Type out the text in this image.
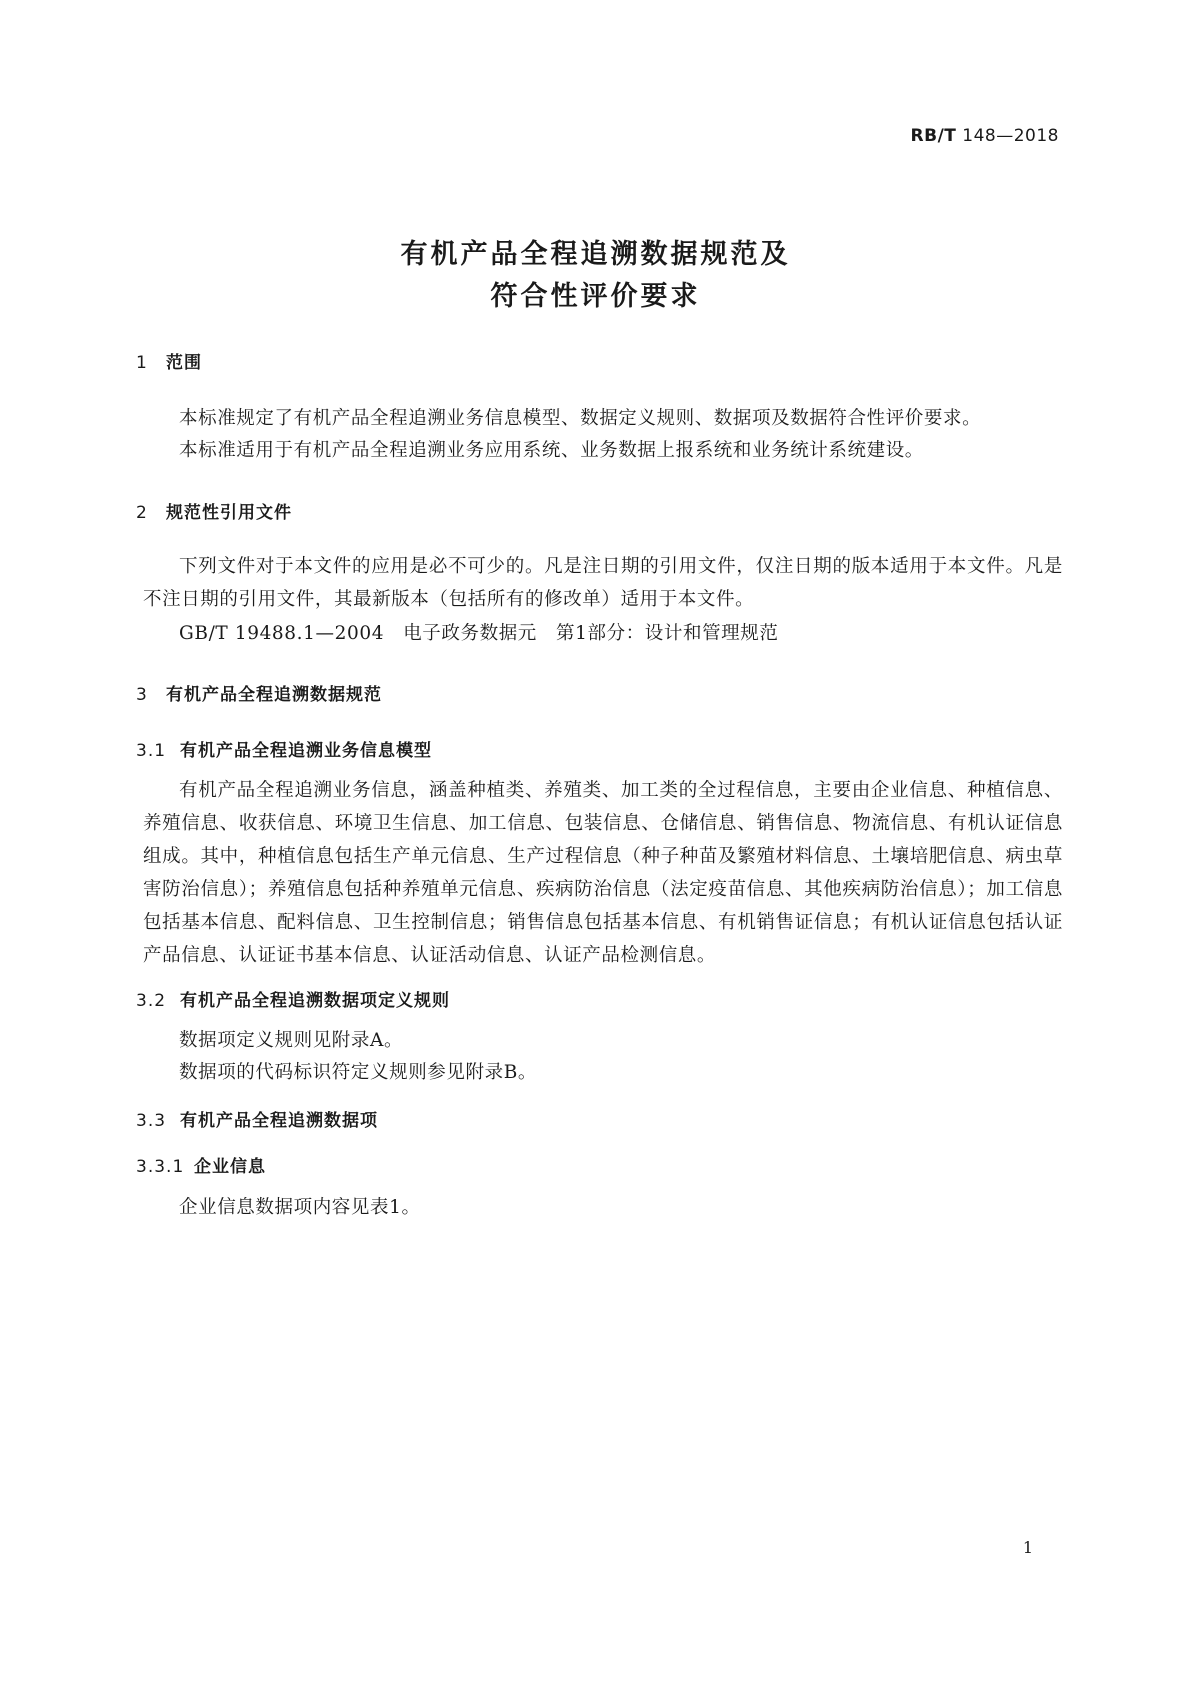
RB/T 148—2018
有机产品全程追溯数据规范及
符合性评价要求
1 范围
本标准规定了有机产品全程追溯业务信息模型、数据定义规则、数据项及数据符合性评价要求。
本标准适用于有机产品全程追溯业务应用系统、业务数据上报系统和业务统计系统建设。
2 规范性引用文件

下列文件对于本文件的应用是必不可少的。凡是注日期的引用文件，仅注日期的版本适用于本文件。凡是不注日期的引用文件，其最新版本（包括所有的修改单）适用于本文件。

GB/T 19488.1—2004　电子政务数据元　第1部分：设计和管理规范
3 有机产品全程追溯数据规范
3.1 有机产品全程追溯业务信息模型

有机产品全程追溯业务信息，涵盖种植类、养殖类、加工类的全过程信息，主要由企业信息、种植信息、养殖信息、收获信息、环境卫生信息、加工信息、包装信息、仓储信息、销售信息、物流信息、有机认证信息组成。其中，种植信息包括生产单元信息、生产过程信息（种子种苗及繁殖材料信息、土壤培肥信息、病虫草害防治信息）；养殖信息包括种养殖单元信息、疾病防治信息（法定疫苗信息、其他疾病防治信息）；加工信息包括基本信息、配料信息、卫生控制信息；销售信息包括基本信息、有机销售证信息；有机认证信息包括认证产品信息、认证证书基本信息、认证活动信息、认证产品检测信息。

3.2 有机产品全程追溯数据项定义规则
数据项定义规则见附录A。
数据项的代码标识符定义规则参见附录B。
3.3 有机产品全程追溯数据项
3.3.1 企业信息
企业信息数据项内容见表1。
1
